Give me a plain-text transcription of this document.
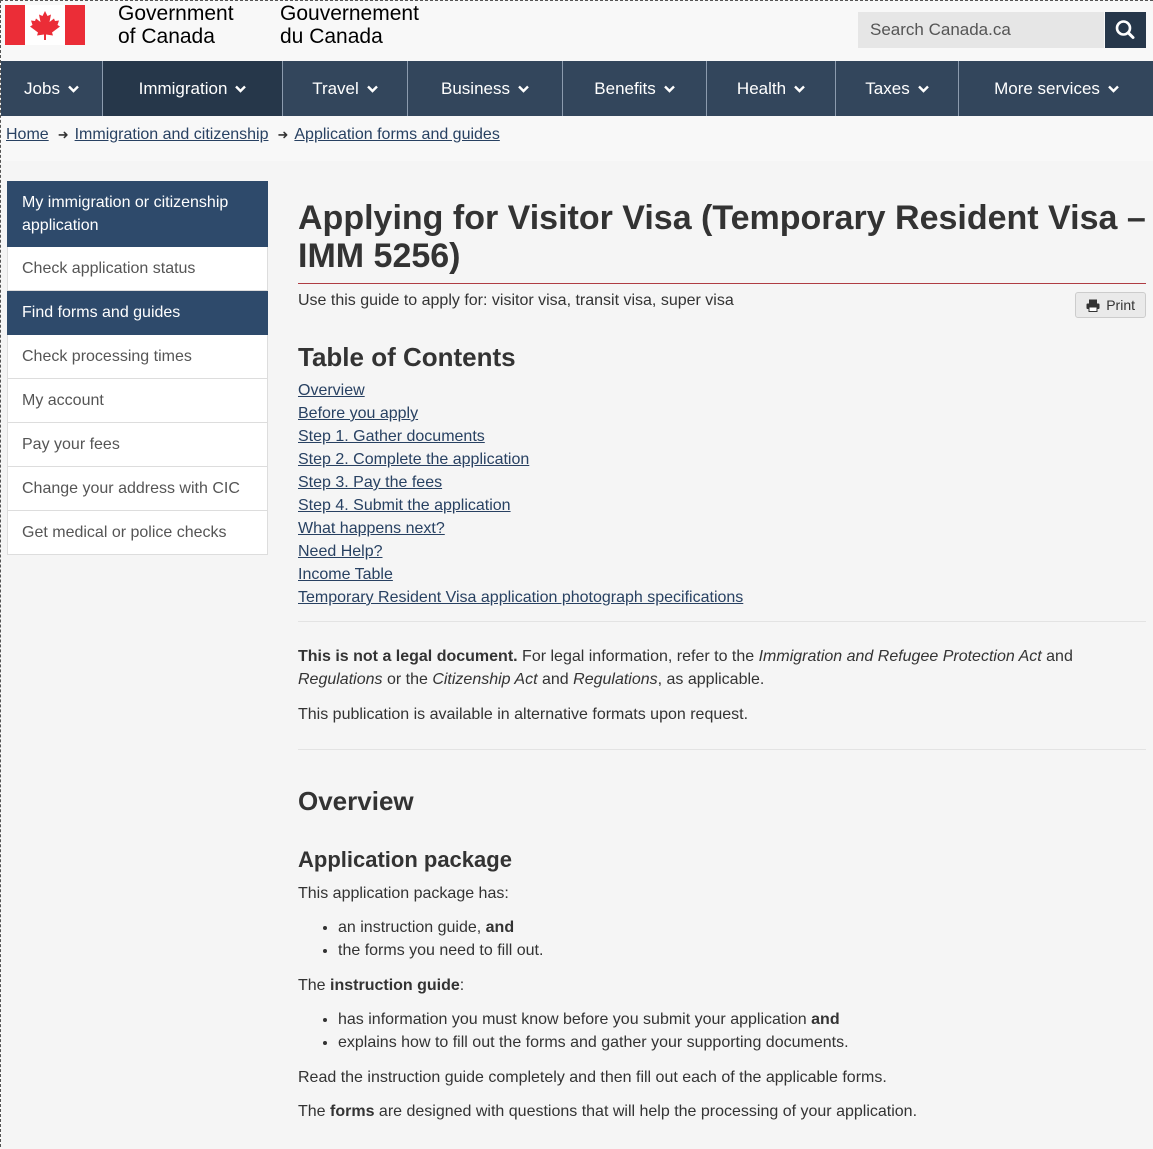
Government
of Canada
Gouvernement
du Canada
Search Canada.ca
Jobs	Immigration	Travel	Business	Benefits	Health	Taxes	More services
Home ➜ Immigration and citizenship ➜ Application forms and guides
My immigration or citizenship application
Check application status
Find forms and guides
Check processing times
My account
Pay your fees
Change your address with CIC
Get medical or police checks
Applying for Visitor Visa (Temporary Resident Visa – IMM 5256)
Use this guide to apply for: visitor visa, transit visa, super visa	Print
Table of Contents
Overview
Before you apply
Step 1. Gather documents
Step 2. Complete the application
Step 3. Pay the fees
Step 4. Submit the application
What happens next?
Need Help?
Income Table
Temporary Resident Visa application photograph specifications

This is not a legal document. For legal information, refer to the Immigration and Refugee Protection Act and Regulations or the Citizenship Act and Regulations, as applicable.

This publication is available in alternative formats upon request.

Overview
Application package

This application package has:

• an instruction guide, and
• the forms you need to fill out.

The instruction guide:

• has information you must know before you submit your application and
• explains how to fill out the forms and gather your supporting documents.

Read the instruction guide completely and then fill out each of the applicable forms.

The forms are designed with questions that will help the processing of your application.
